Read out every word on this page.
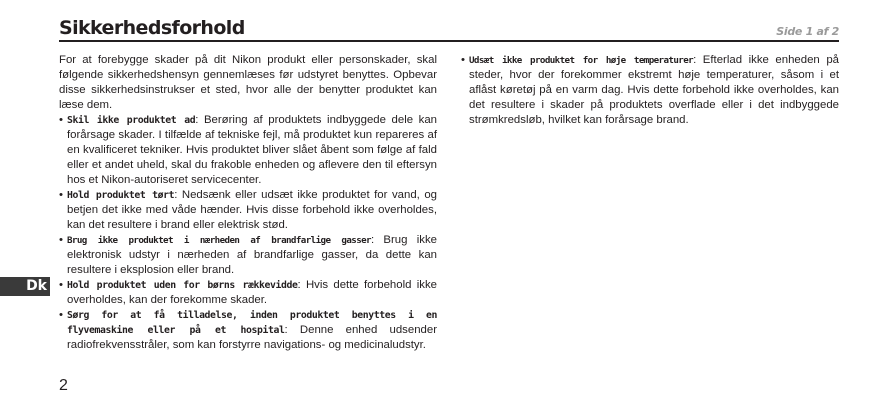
Sikkerhedsforhold	Side 1 af 2

For at forebygge skader på dit Nikon produkt eller personskader, skal følgende sikkerhedshensyn gennemlæses før udstyret benyttes. Opbevar disse sikkerhedsinstrukser et sted, hvor alle der benytter produktet kan læse dem.

• Skil ikke produktet ad: Berøring af produktets indbyggede dele kan forårsage skader. I tilfælde af tekniske fejl, må produktet kun repareres af en kvalificeret tekniker. Hvis produktet bliver slået åbent som følge af fald eller et andet uheld, skal du frakoble enheden og aflevere den til eftersyn hos et Nikon-autoriseret servicecenter.
• Hold produktet tørt: Nedsænk eller udsæt ikke produktet for vand, og betjen det ikke med våde hænder. Hvis disse forbehold ikke overholdes, kan det resultere i brand eller elektrisk stød.
• Brug ikke produktet i nærheden af brandfarlige gasser: Brug ikke elektronisk udstyr i nærheden af brandfarlige gasser, da dette kan resultere i eksplosion eller brand.
• Hold produktet uden for børns rækkevidde: Hvis dette forbehold ikke overholdes, kan der forekomme skader.
• Sørg for at få tilladelse, inden produktet benyttes i en flyvemaskine eller på et hospital: Denne enhed udsender radiofrekvensstråler, som kan forstyrre navigations- og medicinaludstyr.
• Udsæt ikke produktet for høje temperaturer: Efterlad ikke enheden på steder, hvor der forekommer ekstremt høje temperaturer, såsom i et aflåst køretøj på en varm dag. Hvis dette forbehold ikke overholdes, kan det resultere i skader på produktets overflade eller i det indbyggede strømkredsløb, hvilket kan forårsage brand.
Dk
2
